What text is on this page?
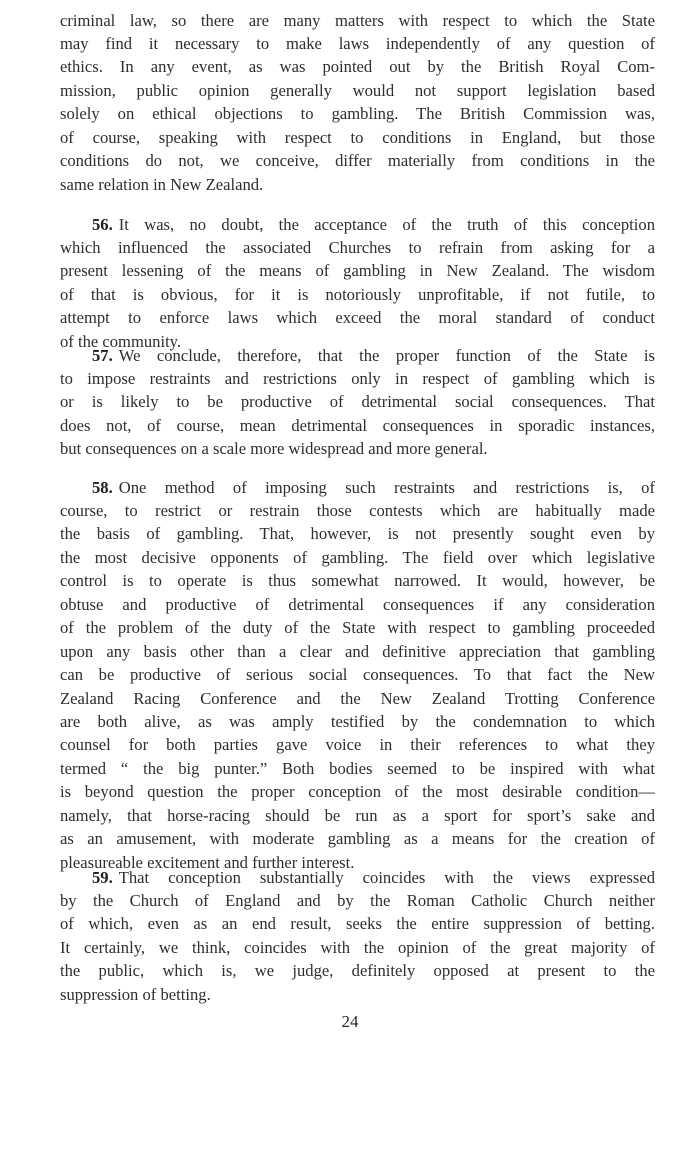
criminal law, so there are many matters with respect to which the State
may find it necessary to make laws independently of any question of
ethics. In any event, as was pointed out by the British Royal Com-
mission, public opinion generally would not support legislation based
solely on ethical objections to gambling. The British Commission was,
of course, speaking with respect to conditions in England, but those
conditions do not, we conceive, differ materially from conditions in the
same relation in New Zealand.
56. It was, no doubt, the acceptance of the truth of this conception
which influenced the associated Churches to refrain from asking for a
present lessening of the means of gambling in New Zealand. The wisdom
of that is obvious, for it is notoriously unprofitable, if not futile, to
attempt to enforce laws which exceed the moral standard of conduct
of the community.
57. We conclude, therefore, that the proper function of the State is
to impose restraints and restrictions only in respect of gambling which is
or is likely to be productive of detrimental social consequences. That
does not, of course, mean detrimental consequences in sporadic instances,
but consequences on a scale more widespread and more general.
58. One method of imposing such restraints and restrictions is, of
course, to restrict or restrain those contests which are habitually made
the basis of gambling. That, however, is not presently sought even by
the most decisive opponents of gambling. The field over which legislative
control is to operate is thus somewhat narrowed. It would, however, be
obtuse and productive of detrimental consequences if any consideration
of the problem of the duty of the State with respect to gambling proceeded
upon any basis other than a clear and definitive appreciation that gambling
can be productive of serious social consequences. To that fact the New
Zealand Racing Conference and the New Zealand Trotting Conference
are both alive, as was amply testified by the condemnation to which
counsel for both parties gave voice in their references to what they
termed “ the big punter.” Both bodies seemed to be inspired with what
is beyond question the proper conception of the most desirable condition—
namely, that horse-racing should be run as a sport for sport’s sake and
as an amusement, with moderate gambling as a means for the creation of
pleasureable excitement and further interest.
59. That conception substantially coincides with the views expressed
by the Church of England and by the Roman Catholic Church neither
of which, even as an end result, seeks the entire suppression of betting.
It certainly, we think, coincides with the opinion of the great majority of
the public, which is, we judge, definitely opposed at present to the
suppression of betting.
24
